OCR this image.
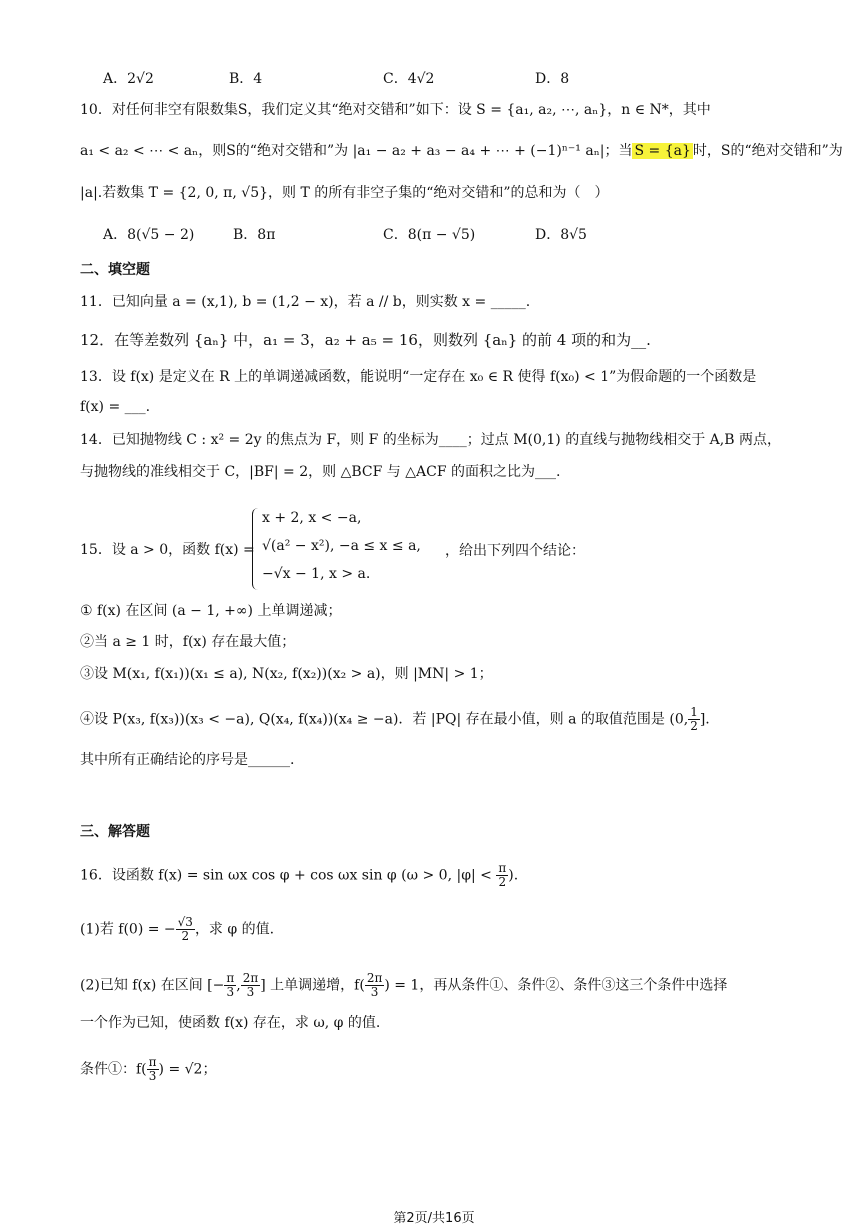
A．2√2	B．4	C．4√2	D．8
10．对任何非空有限数集S，我们定义其“绝对交错和”如下：设 S = {a₁, a₂, ⋯, aₙ}，n ∈ N*，其中
a₁ < a₂ < ⋯ < aₙ，则S的“绝对交错和”为 |a₁ − a₂ + a₃ − a₄ + ⋯ + (−1)ⁿ⁻¹ aₙ|；当 S = {a} 时，S的“绝对交错和”为
|a|.若数集 T = {2, 0, π, √5}，则 T 的所有非空子集的“绝对交错和”的总和为（　）
A．8(√5 − 2)	B．8π	C．8(π − √5)	D．8√5
二、填空题
11．已知向量 a = (x,1), b = (1,2 − x)，若 a // b，则实数 x = _____.
12．在等差数列 {aₙ} 中，a₁ = 3，a₂ + a₅ = 16，则数列 {aₙ} 的前 4 项的和为__.
13．设 f(x) 是定义在 R 上的单调递减函数，能说明“一定存在 x₀ ∈ R 使得 f(x₀) < 1”为假命题的一个函数是
f(x) = ___.
14．已知抛物线 C : x² = 2y 的焦点为 F，则 F 的坐标为____；过点 M(0,1) 的直线与抛物线相交于 A,B 两点，
与抛物线的准线相交于 C，|BF| = 2，则 △BCF 与 △ACF 的面积之比为___.
15．设 a > 0，函数 f(x) =
x + 2, x < −a,
√(a² − x²), −a ≤ x ≤ a,
−√x − 1, x > a.
，给出下列四个结论：
① f(x) 在区间 (a − 1, +∞) 上单调递减；
②当 a ≥ 1 时，f(x) 存在最大值；
③设 M(x₁, f(x₁))(x₁ ≤ a), N(x₂, f(x₂))(x₂ > a)，则 |MN| > 1；
④设 P(x₃, f(x₃))(x₃ < −a), Q(x₄, f(x₄))(x₄ ≥ −a)．若 |PQ| 存在最小值，则 a 的取值范围是 (0, $\frac{1}{2}$ ].
其中所有正确结论的序号是______.
三、解答题
16．设函数 f(x) = sin ωx cos φ + cos ωx sin φ (ω > 0, $|\varphi| < \frac{\pi}{2}$ ).
(1)若 f(0) = − $\frac{√3}{2}$ ，求 φ 的值.
(2)已知 f(x) 在区间 [− $\frac{\pi}{3}$ , $\frac{2\pi}{3}$ ] 上单调递增，$f( \frac{2\pi}{3}$ ) = 1，再从条件①、条件②、条件③这三个条件中选择
一个作为已知，使函数 f(x) 存在，求 ω, φ 的值.
条件①：$f( \frac{\pi}{3}$ ) = √2；
第2页/共16页
